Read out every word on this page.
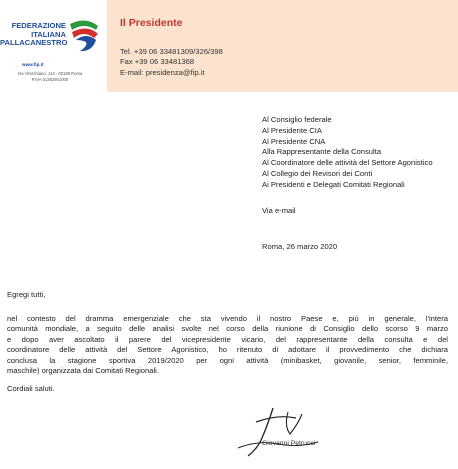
FEDERAZIONE
ITALIANA
PALLACANESTRO
www.fip.it
Via Vitorchiano, 113 - 00189 Roma
P.IVA 01362941000
Il Presidente
Tel. +39 06 33481309/326/398
Fax +39 06 33481368
E-mail: presidenza@fip.it
Al Consiglio federale
Al Presidente CIA
Al Presidente CNA
Alla Rappresentante della Consulta
Al Coordinatore delle attività del Settore Agonistico
Al Collegio dei Revisori dei Conti
Ai Presidenti e Delegati Comitati Regionali
Via e-mail
Roma, 26 marzo 2020
Egregi tutti,
nel contesto del dramma emergenziale che sta vivendo il nostro Paese e, più in generale, l'intera
comunità mondiale, a seguito delle analisi svolte nel corso della riunione di Consiglio dello scorso 9 marzo
e dopo aver ascoltato il parere del vicepresidente vicario, del rappresentante della consulta e del
coordinatore delle attività del Settore Agonistico, ho ritenuto di adottare il provvedimento che dichiara
conclusa la stagione sportiva 2019/2020 per ogni attività (minibasket, giovanile, senior, femminile,
maschile) organizzata dai Comitati Regionali.
Cordiali saluti.
Giovanni Petrucci
